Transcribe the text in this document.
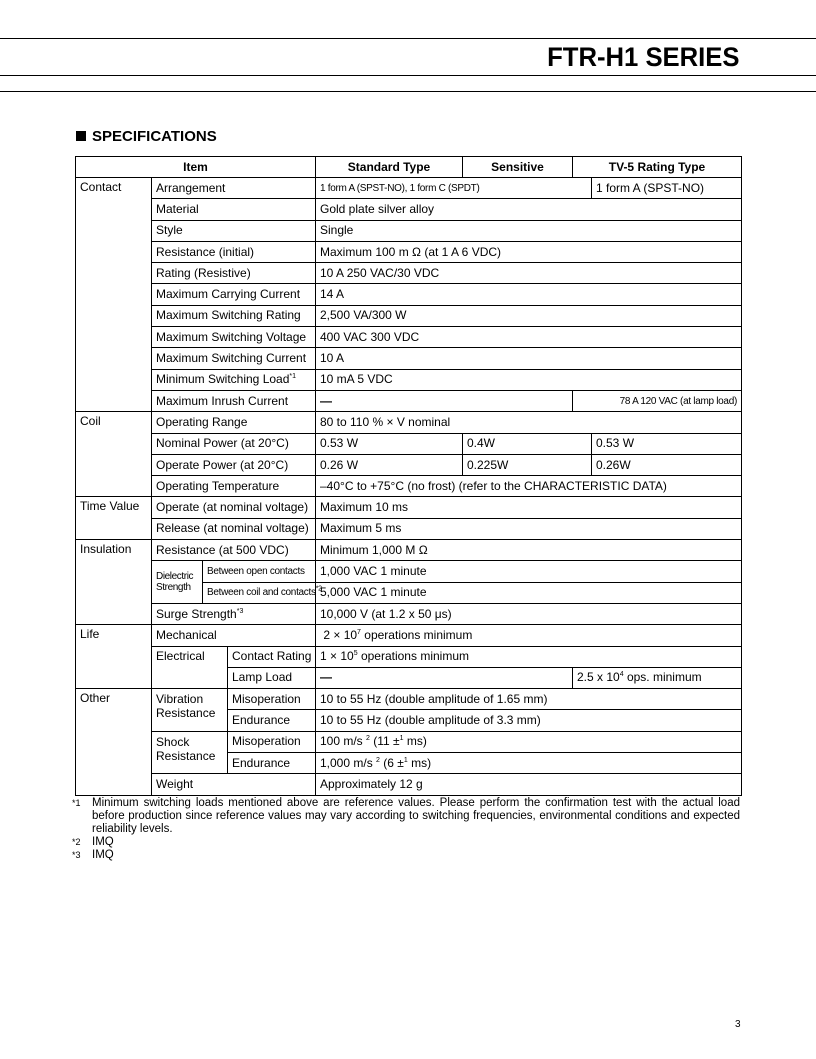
FTR-H1 SERIES
SPECIFICATIONS
Item				Standard Type	Sensitive	TV-5 Rating Type	
Contact	Arrangement			1 form A (SPST-NO), 1 form C (SPDT)			1 form A (SPST-NO)
	Material			Gold plate silver alloy			
	Style			Single			
	Resistance (initial)			Maximum 100 m Ω (at 1 A 6 VDC)			
	Rating (Resistive)			10 A 250 VAC/30 VDC			
	Maximum Carrying Current			14 A			
	Maximum Switching Rating			2,500 VA/300 W			
	Maximum Switching Voltage			400 VAC 300 VDC			
	Maximum Switching Current			10 A			
	Minimum Switching Load$^{*1}$			10 mA 5 VDC			
	Maximum Inrush Current			—		78 A 120 VAC (at lamp load)	
Coil	Operating Range			80 to 110 % × V nominal			
	Nominal Power (at 20°C)			0.53 W	0.4W		0.53 W
	Operate Power (at 20°C)			0.26 W	0.225W		0.26W
	Operating Temperature			–40°C to +75°C (no frost) (refer to the CHARACTERISTIC DATA)			
Time Value	Operate (at nominal voltage)			Maximum 10 ms			
	Release (at nominal voltage)			Maximum 5 ms			
Insulation	Resistance (at 500 VDC)			Minimum 1,000 M Ω			
	Dielectric Strength	Between open contacts		1,000 VAC 1 minute			
		Between coil and contacts$^{*2}$		5,000 VAC 1 minute			
	Surge Strength$^{*3}$			10,000 V (at 1.2 x 50 μs)			
Life	Mechanical			$2 \times 10^7$ operations minimum			
	Electrical		Contact Rating	$1 \times 10^5$ operations minimum			
			Lamp Load	—		2.5 x $10^4$ ops. minimum	
Other	Vibration Resistance		Misoperation	10 to 55 Hz (double amplitude of 1.65 mm)			
			Endurance	10 to 55 Hz (double amplitude of 3.3 mm)			
	Shock Resistance		Misoperation	100 m/s $^2$ (11 ±$^1$ ms)			
			Endurance	1,000 m/s $^2$ (6 ±$^1$ ms)			
	Weight			Approximately 12 g			
*1 Minimum switching loads mentioned above are reference values. Please perform the confirmation test with the actual load before production since reference values may vary according to switching frequencies, environmental conditions and expected reliability levels.
*2 IMQ
*3 IMQ
3
